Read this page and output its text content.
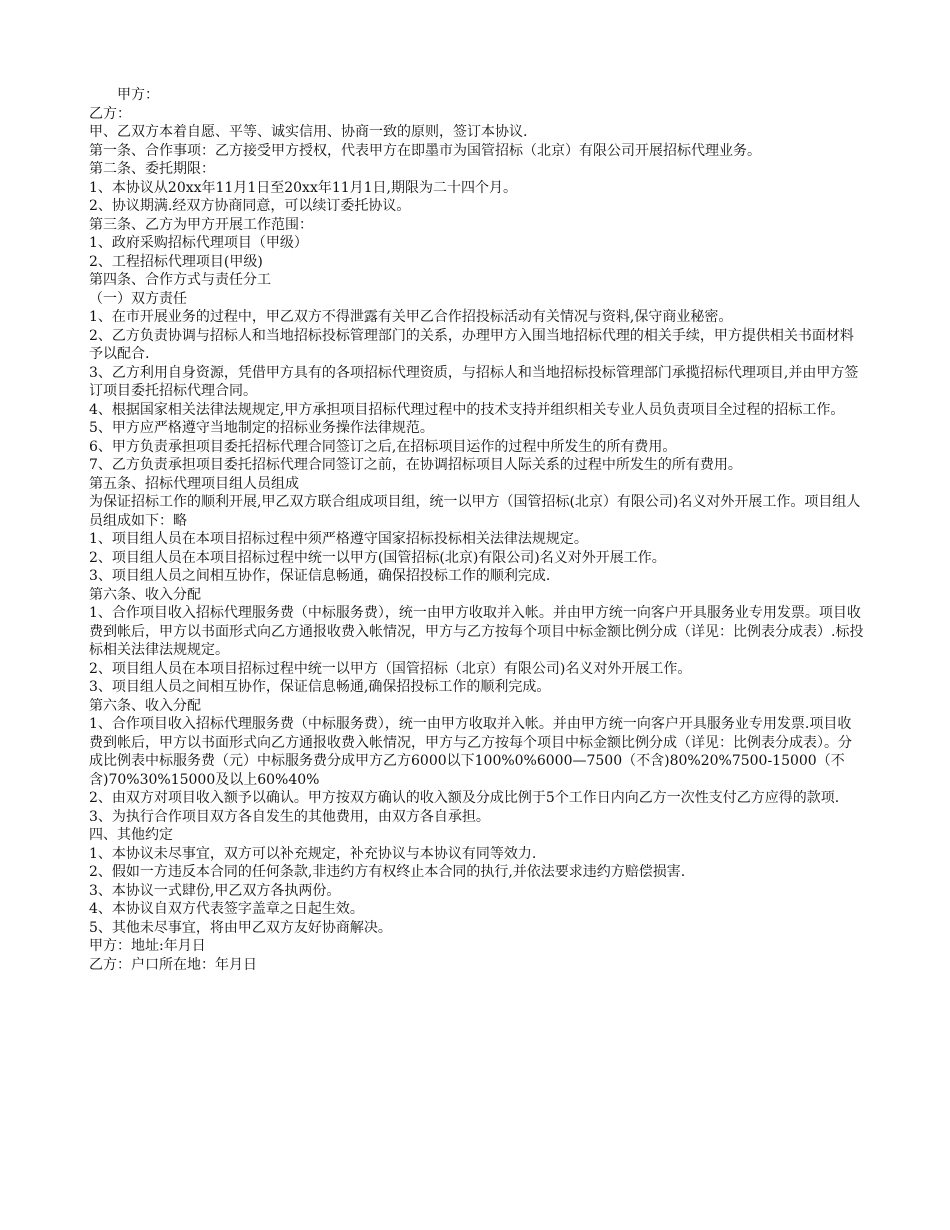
甲方：

乙方：

甲、乙双方本着自愿、平等、诚实信用、协商一致的原则，签订本协议.

第一条、合作事项：乙方接受甲方授权，代表甲方在即墨市为国管招标（北京）有限公司开展招标代理业务。

第二条、委托期限：

1、本协议从20xx年11月1日至20xx年11月1日,期限为二十四个月。

2、协议期满.经双方协商同意，可以续订委托协议。

第三条、乙方为甲方开展工作范围：

1、政府采购招标代理项目（甲级）

2、工程招标代理项目(甲级)

第四条、合作方式与责任分工

（一）双方责任

1、在市开展业务的过程中，甲乙双方不得泄露有关甲乙合作招投标活动有关情况与资料,保守商业秘密。

2、乙方负责协调与招标人和当地招标投标管理部门的关系，办理甲方入围当地招标代理的相关手续，甲方提供相关书面材料予以配合.

3、乙方利用自身资源，凭借甲方具有的各项招标代理资质，与招标人和当地招标投标管理部门承揽招标代理项目,并由甲方签订项目委托招标代理合同。

4、根据国家相关法律法规规定,甲方承担项目招标代理过程中的技术支持并组织相关专业人员负责项目全过程的招标工作。

5、甲方应严格遵守当地制定的招标业务操作法律规范。

6、甲方负责承担项目委托招标代理合同签订之后,在招标项目运作的过程中所发生的所有费用。

7、乙方负责承担项目委托招标代理合同签订之前，在协调招标项目人际关系的过程中所发生的所有费用。

第五条、招标代理项目组人员组成

为保证招标工作的顺利开展,甲乙双方联合组成项目组，统一以甲方（国管招标(北京）有限公司)名义对外开展工作。项目组人员组成如下：略

1、项目组人员在本项目招标过程中须严格遵守国家招标投标相关法律法规规定。

2、项目组人员在本项目招标过程中统一以甲方(国管招标(北京)有限公司)名义对外开展工作。

3、项目组人员之间相互协作，保证信息畅通，确保招投标工作的顺利完成.

第六条、收入分配

1、合作项目收入招标代理服务费（中标服务费），统一由甲方收取并入帐。并由甲方统一向客户开具服务业专用发票。项目收费到帐后，甲方以书面形式向乙方通报收费入帐情况，甲方与乙方按每个项目中标金额比例分成（详见：比例表分成表）.标投标相关法律法规规定。

2、项目组人员在本项目招标过程中统一以甲方（国管招标（北京）有限公司)名义对外开展工作。

3、项目组人员之间相互协作，保证信息畅通,确保招投标工作的顺利完成。

第六条、收入分配

1、合作项目收入招标代理服务费（中标服务费），统一由甲方收取并入帐。并由甲方统一向客户开具服务业专用发票.项目收费到帐后，甲方以书面形式向乙方通报收费入帐情况，甲方与乙方按每个项目中标金额比例分成（详见：比例表分成表）。分成比例表中标服务费（元）中标服务费分成甲方乙方6000以下100%0%6000—7500（不含)80%20%7500-15000（不含)70%30%15000及以上60%40%

2、由双方对项目收入额予以确认。甲方按双方确认的收入额及分成比例于5个工作日内向乙方一次性支付乙方应得的款项.

3、为执行合作项目双方各自发生的其他费用，由双方各自承担。

四、其他约定

1、本协议未尽事宜，双方可以补充规定，补充协议与本协议有同等效力.

2、假如一方违反本合同的任何条款,非违约方有权终止本合同的执行,并依法要求违约方赔偿损害.

3、本协议一式肆份,甲乙双方各执两份。

4、本协议自双方代表签字盖章之日起生效。

5、其他未尽事宜，将由甲乙双方友好协商解决。

甲方：地址:年月日

乙方：户口所在地：年月日
